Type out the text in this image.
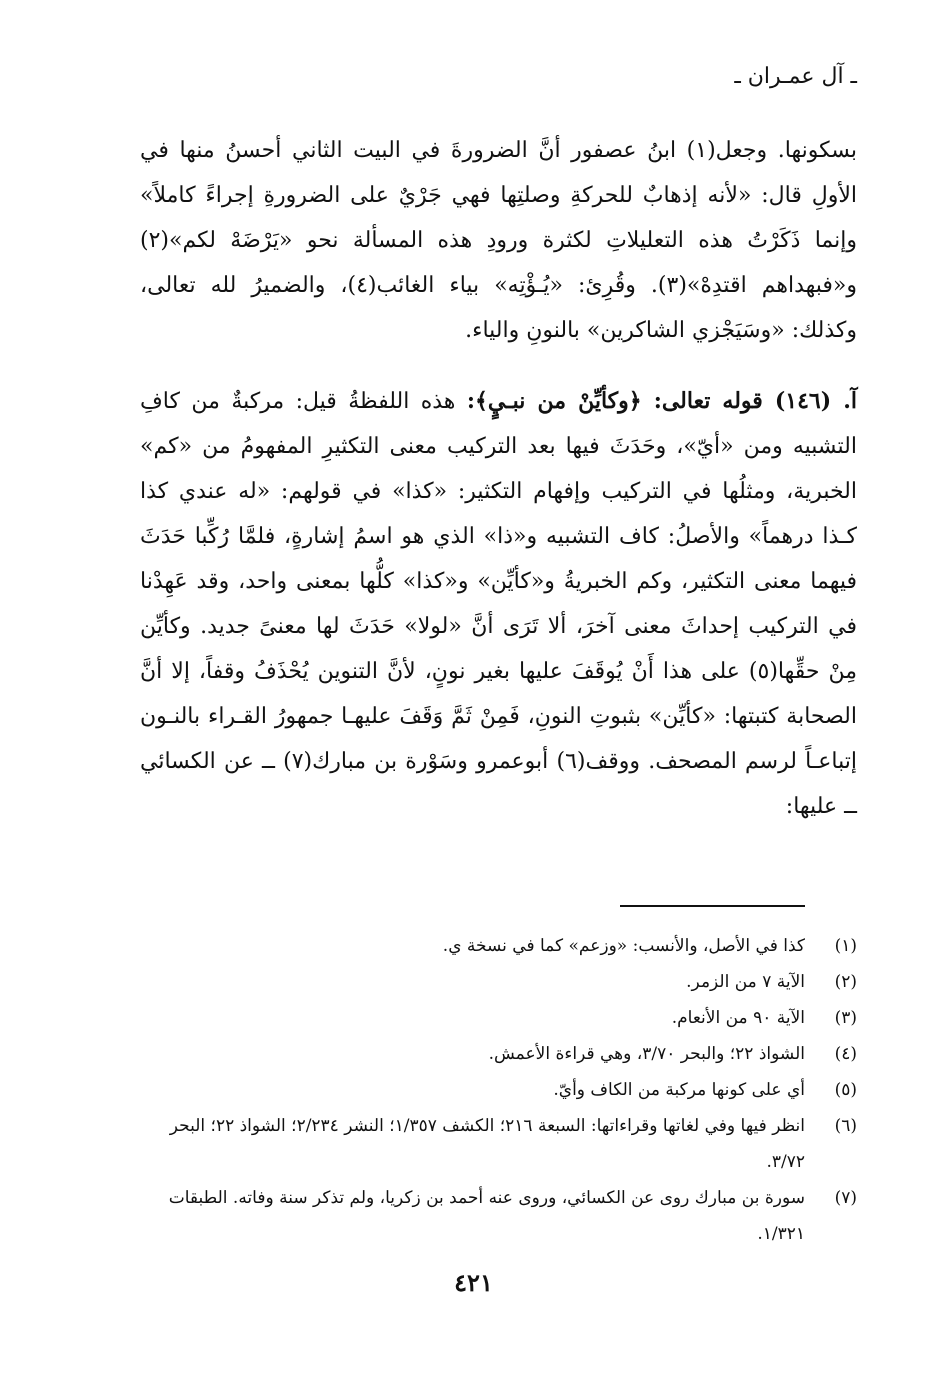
ـ آل عمـران ـ

بسكونها. وجعل(١) ابنُ عصفور أنَّ الضرورةَ في البيت الثاني أحسنُ منها في الأولِ قال: «لأنه إذهابٌ للحركةِ وصلتِها فهي جَرْيٌ على الضرورةِ إجراءً كاملاً» وإنما ذَكَرْتُ هذه التعليلاتِ لكثرة ورودِ هذه المسألة نحو «يَرْضَهْ لكم»(٢) و«فبهداهم اقتدِهْ»(٣). وقُرِئ: «يُـؤْتِه» بياء الغائب(٤)، والضميرُ لله تعالى، وكذلك: «وسَيَجْزي الشاكرين» بالنونِ والياء.

آ. (١٤٦) قوله تعالى: ﴿وكأيِّنْ من نبـيٍ﴾: هذه اللفظةُ قيل: مركبةٌ من كافِ التشبيه ومن «أيّ»، وحَدَثَ فيها بعد التركيب معنى التكثيرِ المفهومُ من «كم» الخبرية، ومثلُها في التركيب وإفهام التكثير: «كذا» في قولهم: «له عندي كذا كـذا درهماً» والأصلُ: كاف التشبيه و«ذا» الذي هو اسمُ إشارةٍ، فلمَّا رُكِّبا حَدَثَ فيهما معنى التكثير، وكم الخبريةُ و«كأيِّن» و«كذا» كلُّها بمعنى واحد، وقد عَهِدْنا في التركيب إحداثَ معنى آخرَ، ألا تَرَى أنَّ «لولا» حَدَثَ لها معنىً جديد. وكأيِّن مِنْ حقِّها(٥) على هذا أَنْ يُوقَفَ عليها بغير نونٍ، لأنَّ التنوين يُحْذَفُ وقفاً، إلا أنَّ الصحابة كتبتها: «كأيِّن» بثبوتِ النونِ، فَمِنْ ثَمَّ وَقَفَ عليهـا جمهورُ القـراء بالنـون إتباعـاً لرسم المصحف. ووقف(٦) أبوعمرو وسَوْرة بن مبارك(٧) ــ عن الكسائي ــ عليها:

(١)
كذا في الأصل، والأنسب: «وزعم» كما في نسخة ي.
(٢)
الآية ٧ من الزمر.
(٣)
الآية ٩٠ من الأنعام.
(٤)
الشواذ ٢٢؛ والبحر ٣/٧٠، وهي قراءة الأعمش.
(٥)
أي على كونها مركبة من الكاف وأيّ.
(٦)
انظر فيها وفي لغاتها وقراءاتها: السبعة ٢١٦؛ الكشف ١/٣٥٧؛ النشر ٢/٢٣٤؛ الشواذ ٢٢؛ البحر ٣/٧٢.
(٧)
سورة بن مبارك روى عن الكسائي، وروى عنه أحمد بن زكريا، ولم تذكر سنة وفاته. الطبقات ١/٣٢١.
٤٢١
